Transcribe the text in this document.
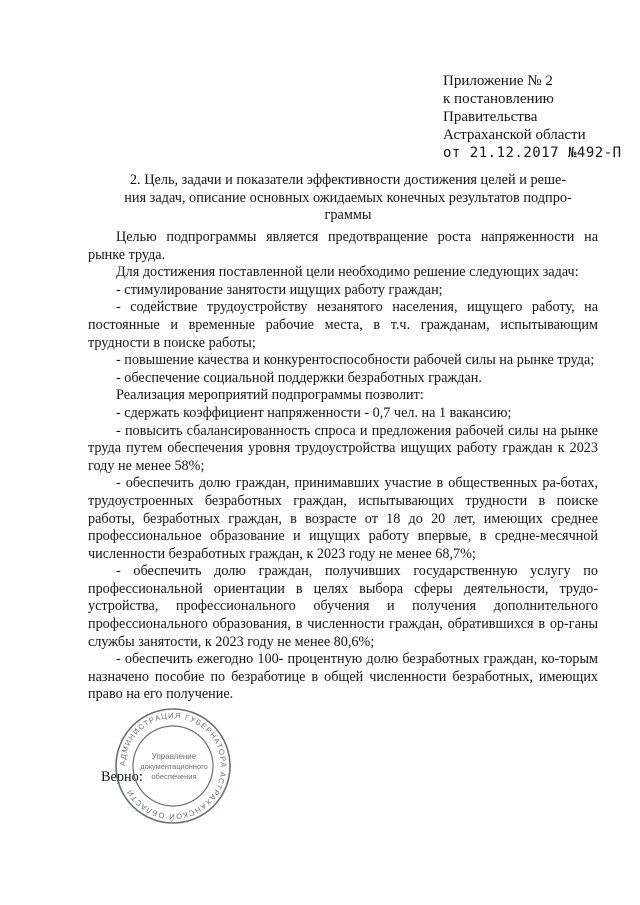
Приложение № 2
к постановлению
Правительства
Астраханской области
от 21.12.2017 №492-П
2. Цель, задачи и показатели эффективности достижения целей и реше-
ния задач, описание основных ожидаемых конечных результатов подпро-
граммы

Целью подпрограммы является предотвращение роста напряженности на рынке труда.

Для достижения поставленной цели необходимо решение следующих задач:

- стимулирование занятости ищущих работу граждан;

- содействие трудоустройству незанятого населения, ищущего работу, на постоянные и временные рабочие места, в т.ч. гражданам, испытывающим трудности в поиске работы;

- повышение качества и конкурентоспособности рабочей силы на рынке труда;

- обеспечение социальной поддержки безработных граждан.

Реализация мероприятий подпрограммы позволит:

- сдержать коэффициент напряженности - 0,7 чел. на 1 вакансию;

- повысить сбалансированность спроса и предложения рабочей силы на рынке труда путем обеспечения уровня трудоустройства ищущих работу граждан к 2023 году не менее 58%;

- обеспечить долю граждан, принимавших участие в общественных ра-ботах, трудоустроенных безработных граждан, испытывающих трудности в поиске работы, безработных граждан, в возрасте от 18 до 20 лет, имеющих среднее профессиональное образование и ищущих работу впервые, в средне-месячной численности безработных граждан, к 2023 году не менее 68,7%;

- обеспечить долю граждан, получивших государственную услугу по профессиональной ориентации в целях выбора сферы деятельности, трудо-устройства, профессионального обучения и получения дополнительного профессионального образования, в численности граждан, обратившихся в ор-ганы службы занятости, к 2023 году не менее 80,6%;

- обеспечить ежегодно 100- процентную долю безработных граждан, ко-торым назначено пособие по безработице в общей численности безработных, имеющих право на его получение.

Верно:
АДМИНИСТРАЦИЯ ГУБЕРНАТОРА АСТРАХАНСКОЙ ОБЛАСТИ
Управление
документационного
обеспечения
